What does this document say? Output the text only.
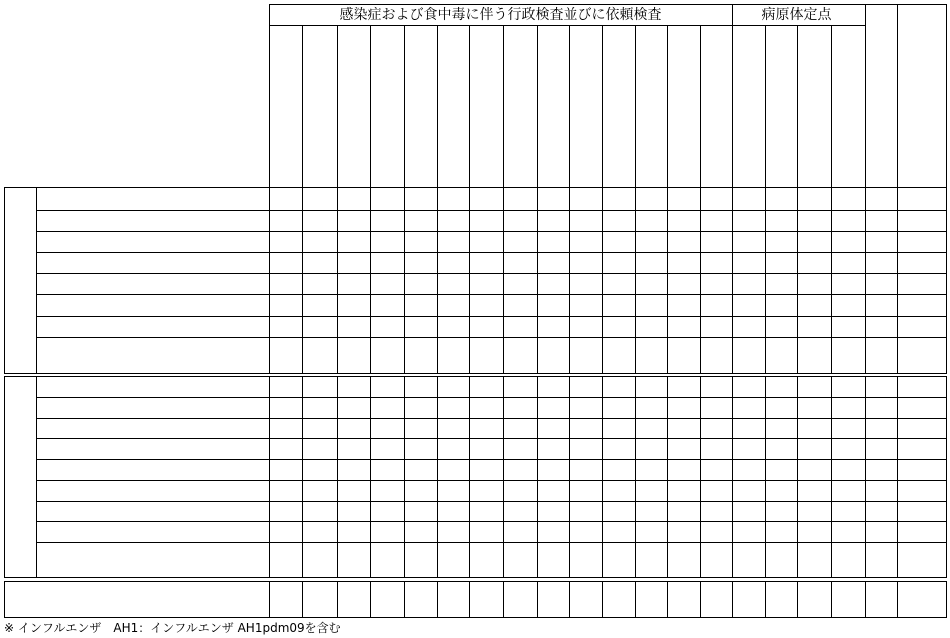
感染症および食中毒に伴う行政検査並びに依頼検査	病原体定点
※ インフルエンザ　AH1：インフルエンザ AH1pdm09を含む
